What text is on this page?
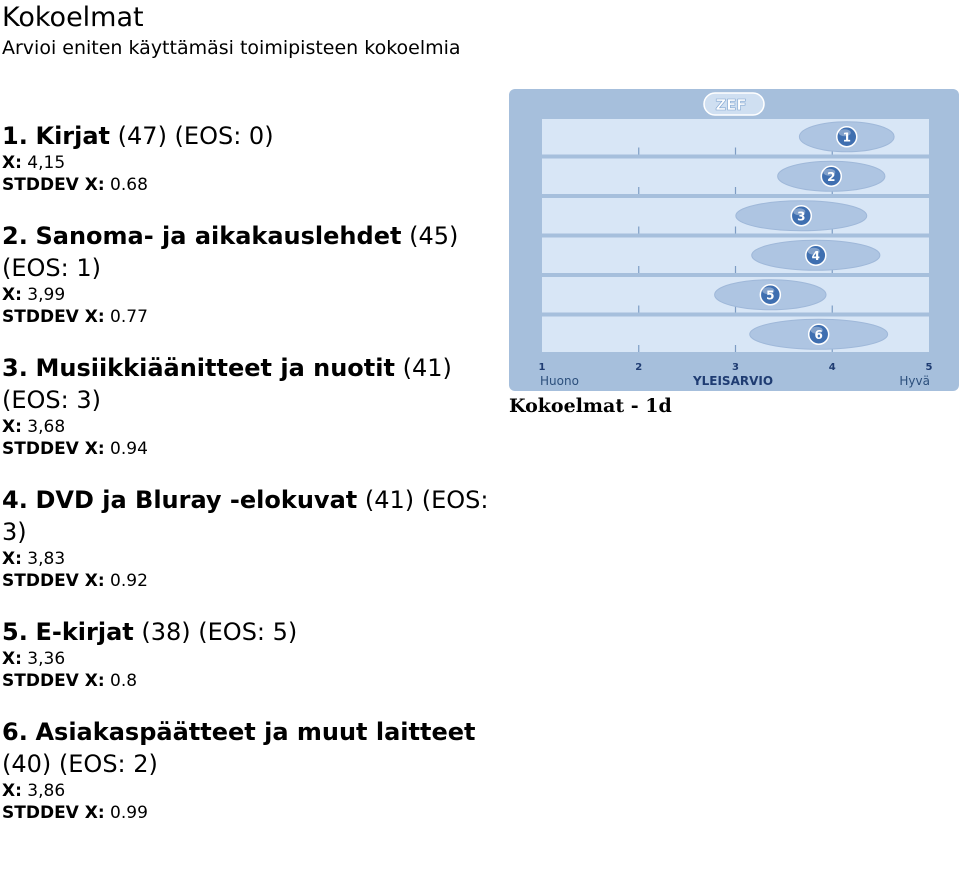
Kokoelmat
Arvioi eniten käyttämäsi toimipisteen kokoelmia
1. Kirjat (47) (EOS: 0)
X: 4,15
STDDEV X: 0.68
2. Sanoma- ja aikakauslehdet (45) (EOS: 1)
X: 3,99
STDDEV X: 0.77
3. Musiikkiäänitteet ja nuotit (41) (EOS: 3)
X: 3,68
STDDEV X: 0.94
4. DVD ja Bluray -elokuvat (41) (EOS: 3)
X: 3,83
STDDEV X: 0.92
5. E-kirjat (38) (EOS: 5)
X: 3,36
STDDEV X: 0.8
6. Asiakaspäätteet ja muut laitteet (40) (EOS: 2)
X: 3,86
STDDEV X: 0.99
1	2	3	4	5
1
2
3
4
5
6
ZEF
Huono	YLEISARVIO	Hyvä
Kokoelmat - 1d
